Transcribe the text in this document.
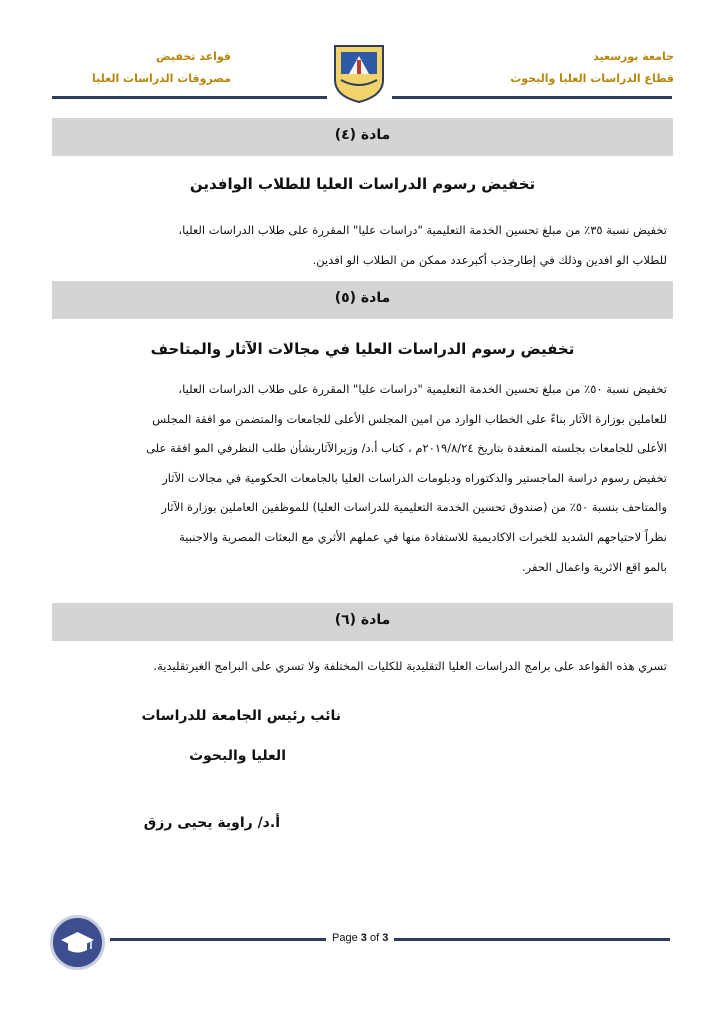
جامعة بورسعيد
قطاع الدراسات العليا والبحوث
قواعد تخفيض
مصروفات الدراسات العليا
مادة (٤)
تخفيض رسوم الدراسات العليا للطلاب الوافدين

تخفيض نسبة ٣٥٪ من مبلغ تحسين الخدمة التعليمية "دراسات عليا" المقررة على طلاب الدراسات العليا،

للطلاب الو افدين وذلك في إطارجذب أكبرعدد ممكن من الطلاب الو افدين.

مادة (٥)
تخفيض رسوم الدراسات العليا في مجالات الآثار والمتاحف

تخفيض نسبة ٥٠٪ من مبلغ تحسين الخدمة التعليمية "دراسات عليا" المقررة على طلاب الدراسات العليا،

للعاملين بوزارة الآثار بناءً على الخطاب الوارد من امين المجلس الأعلى للجامعات والمتضمن مو افقة المجلس

الأعلى للجامعات بجلسته المنعقدة بتاريخ ٢٠١٩/٨/٢٤م ، كتاب أ.د/ وزيرالآثاربشأن طلب النظرفي المو افقة على

تخفيض رسوم دراسة الماجستير والدكتوراه ودبلومات الدراسات العليا بالجامعات الحكومية في مجالات الآثار

والمتاحف بنسبة ٥٠٪ من (صندوق تحسين الخدمة التعليمية للدراسات العليا) للموظفين العاملين بوزارة الآثار

نظراً لاحتياجهم الشديد للخبرات الاكاديمية للاستفادة منها في عملهم الأثري مع البعثات المصرية والاجنبية

بالمو اقع الاثرية واعمال الحفر.

مادة (٦)

تسري هذه القواعد على برامج الدراسات العليا التقليدية للكليات المختلفة ولا تسري على البرامج الغيرتقليدية.

نائب رئيس الجامعة للدراسات
العليا والبحوث
أ.د/ راوية يحيى رزق
Page 3 of 3
